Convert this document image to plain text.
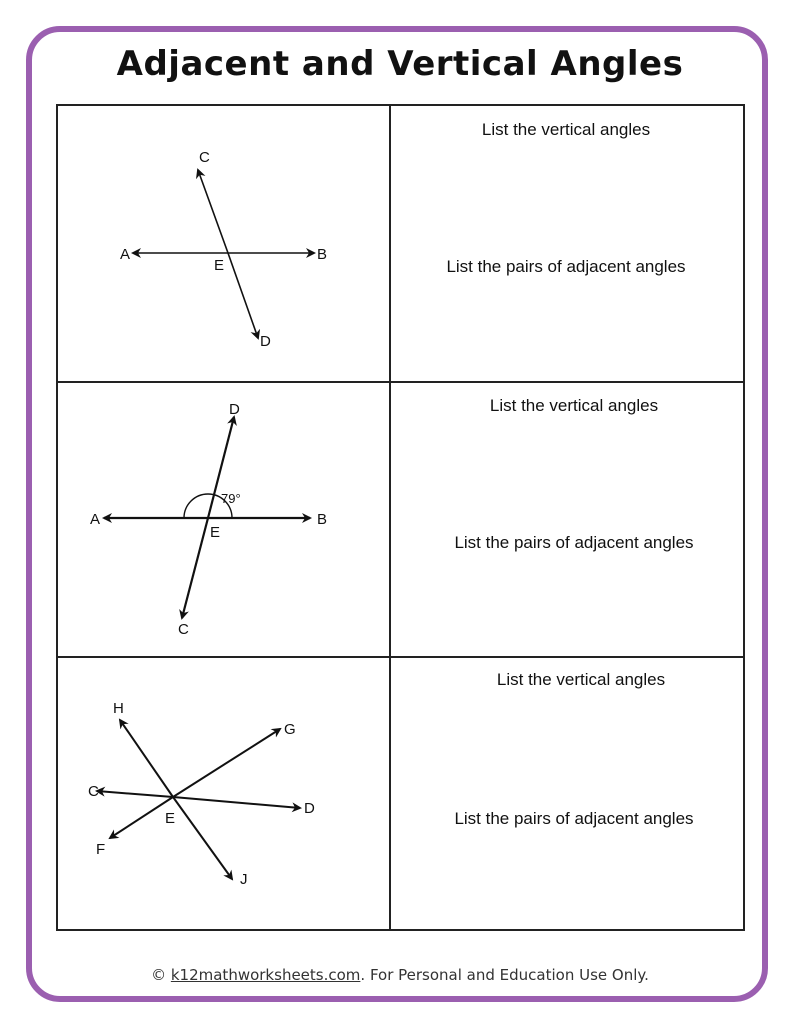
Adjacent and Vertical Angles
List the vertical angles
List the pairs of adjacent angles
List the vertical angles
List the pairs of adjacent angles
List the vertical angles
List the pairs of adjacent angles
C
A	B
E
D
79°
D
A	B
E
C
H
G
C
D
E
F
J
© k12mathworksheets.com. For Personal and Education Use Only.
